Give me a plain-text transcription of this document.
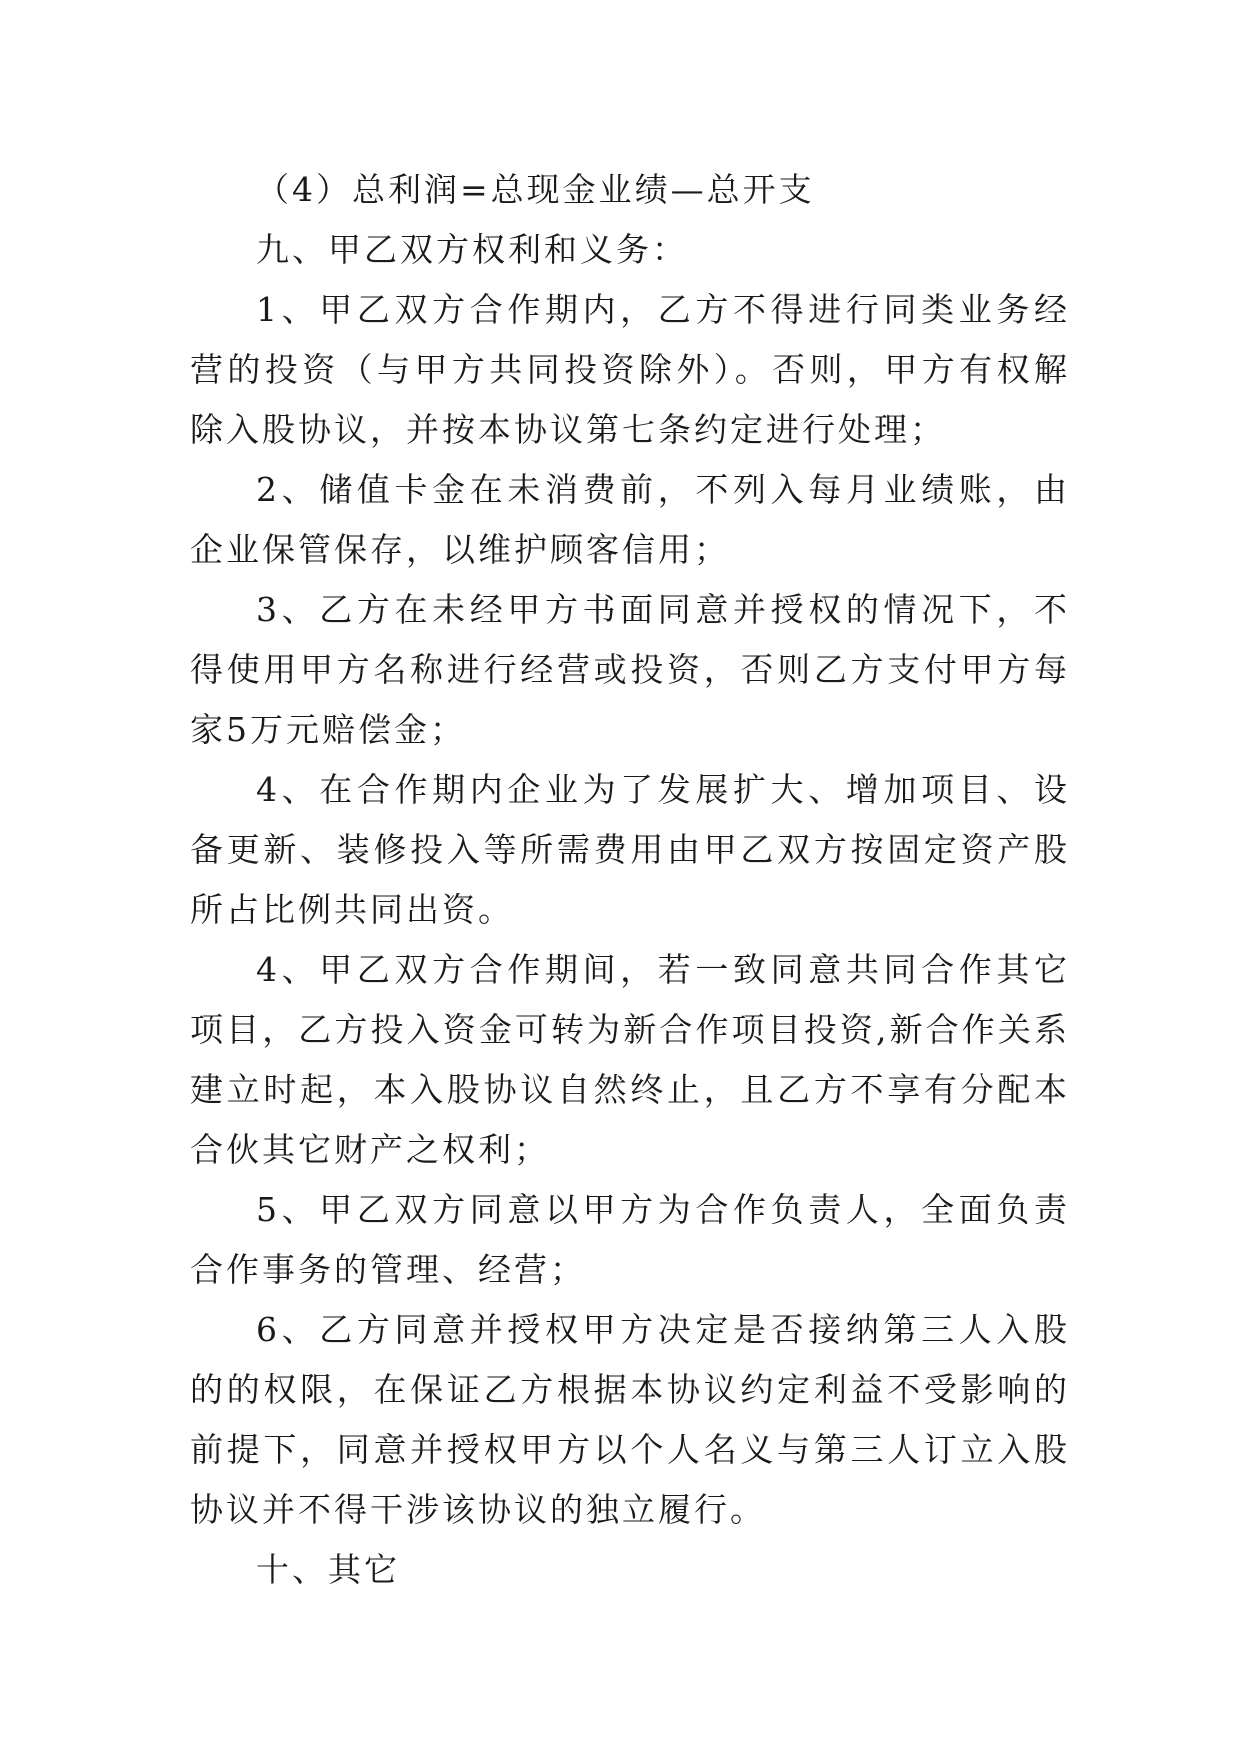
（4）总利润=总现金业绩—总开支

九、甲乙双方权利和义务：

1、甲乙双方合作期内，乙方不得进行同类业务经营的投资（与甲方共同投资除外）。否则，甲方有权解除入股协议，并按本协议第七条约定进行处理；

2、储值卡金在未消费前，不列入每月业绩账，由企业保管保存，以维护顾客信用；

3、乙方在未经甲方书面同意并授权的情况下，不得使用甲方名称进行经营或投资，否则乙方支付甲方每家5万元赔偿金；

4、在合作期内企业为了发展扩大、增加项目、设备更新、装修投入等所需费用由甲乙双方按固定资产股所占比例共同出资。

4、甲乙双方合作期间，若一致同意共同合作其它项目，乙方投入资金可转为新合作项目投资,新合作关系建立时起，本入股协议自然终止，且乙方不享有分配本合伙其它财产之权利；

5、甲乙双方同意以甲方为合作负责人，全面负责合作事务的管理、经营；

6、乙方同意并授权甲方决定是否接纳第三人入股的的权限，在保证乙方根据本协议约定利益不受影响的前提下，同意并授权甲方以个人名义与第三人订立入股协议并不得干涉该协议的独立履行。

十、其它
